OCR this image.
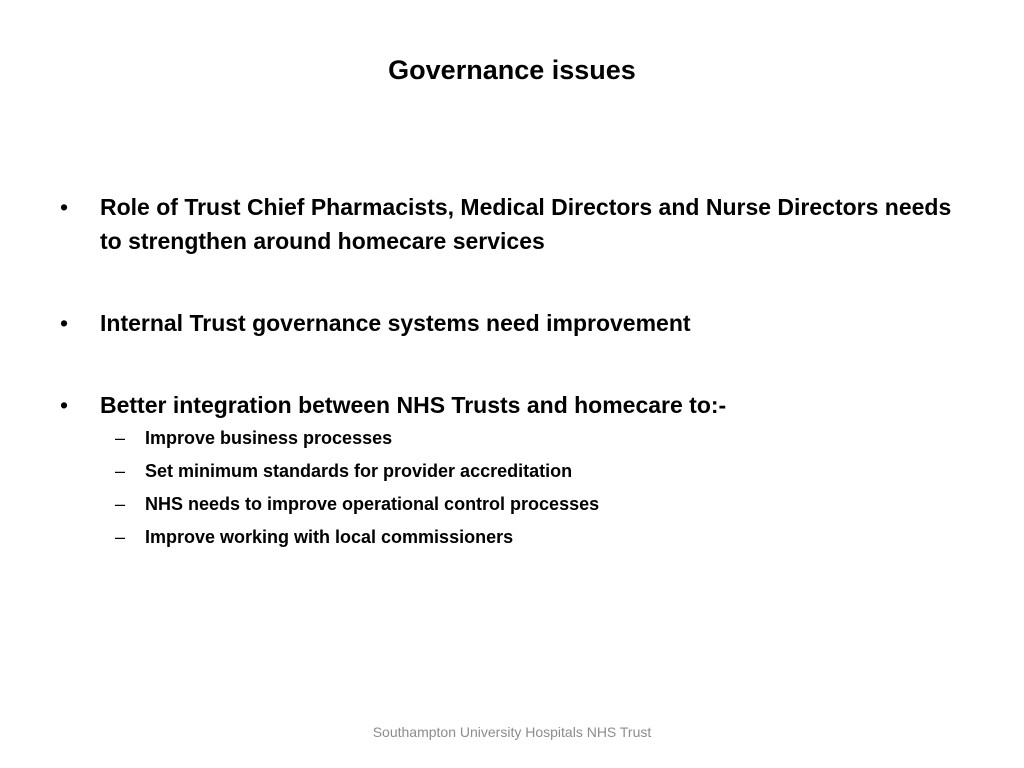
Governance issues
•	Role of Trust Chief Pharmacists, Medical Directors and Nurse Directors needs to strengthen around homecare services
•	Internal Trust governance systems need improvement
•	Better integration between NHS Trusts and homecare to:-
– Improve business processes
– Set minimum standards for provider accreditation
– NHS needs to improve operational control processes
– Improve working with local commissioners
Southampton University Hospitals NHS Trust
